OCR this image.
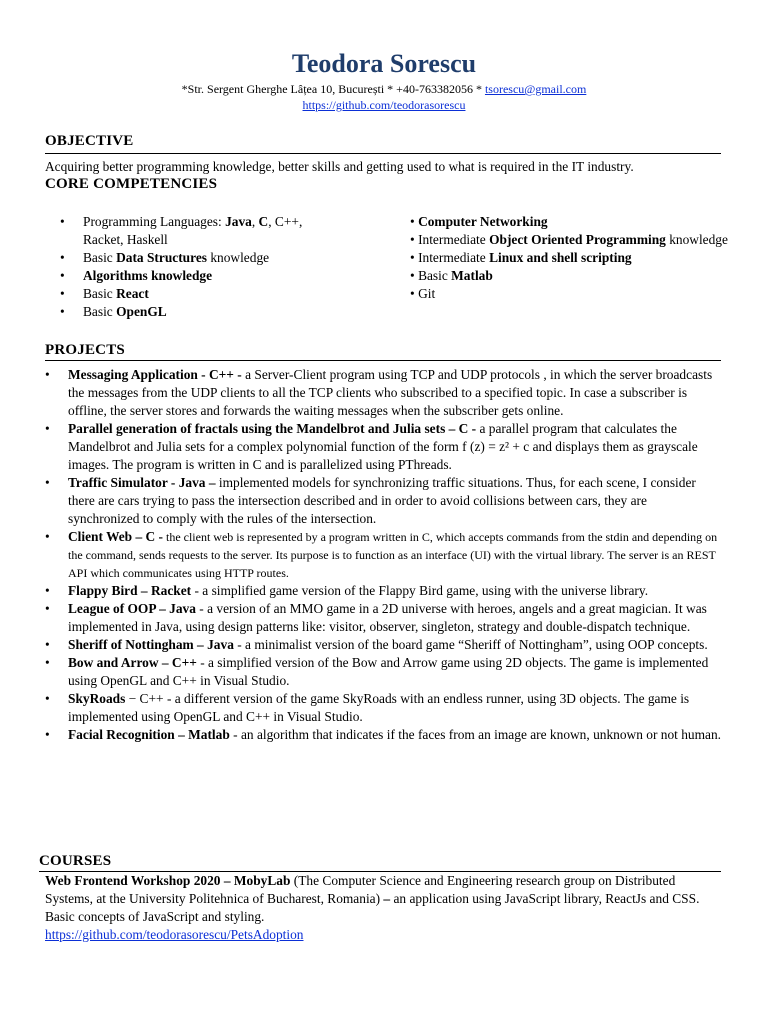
Teodora Sorescu
*Str. Sergent Gherghe Lâțea 10, București * +40-763382056 * tsorescu@gmail.com
https://github.com/teodorasorescu
OBJECTIVE
Acquiring better programming knowledge, better skills and getting used to what is required in the IT industry.
CORE COMPETENCIES
• Programming Languages: Java, C, C++, Racket, Haskell
• Basic Data Structures knowledge
• Algorithms knowledge
• Basic React
• Basic OpenGL
• Computer Networking
• Intermediate Object Oriented Programming knowledge
• Intermediate Linux and shell scripting
• Basic Matlab
• Git
PROJECTS
• Messaging Application - C++ - a Server-Client program using TCP and UDP protocols , in which the server broadcasts the messages from the UDP clients to all the TCP clients who subscribed to a specified topic. In case a subscriber is offline, the server stores and forwards the waiting messages when the subscriber gets online.
• Parallel generation of fractals using the Mandelbrot and Julia sets – C - a parallel program that calculates the Mandelbrot and Julia sets for a complex polynomial function of the form f (z) = z² + c and displays them as grayscale images. The program is written in C and is parallelized using PThreads.
• Traffic Simulator - Java – implemented models for synchronizing traffic situations. Thus, for each scene, I consider there are cars trying to pass the intersection described and in order to avoid collisions between cars, they are synchronized to comply with the rules of the intersection.
• Client Web – C - the client web is represented by a program written in C, which accepts commands from the stdin and depending on the command, sends requests to the server. Its purpose is to function as an interface (UI) with the virtual library. The server is an REST API which communicates using HTTP routes.
• Flappy Bird – Racket - a simplified game version of the Flappy Bird game, using with the universe library.
• League of OOP – Java - a version of an MMO game in a 2D universe with heroes, angels and a great magician. It was implemented in Java, using design patterns like: visitor, observer, singleton, strategy and double-dispatch technique.
• Sheriff of Nottingham – Java - a minimalist version of the board game “Sheriff of Nottingham”, using OOP concepts.
• Bow and Arrow – C++ - a simplified version of the Bow and Arrow game using 2D objects. The game is implemented using OpenGL and C++ in Visual Studio.
• SkyRoads − C++ - a different version of the game SkyRoads with an endless runner, using 3D objects. The game is implemented using OpenGL and C++ in Visual Studio.
• Facial Recognition – Matlab - an algorithm that indicates if the faces from an image are known, unknown or not human.
COURSES
Web Frontend Workshop 2020 – MobyLab (The Computer Science and Engineering research group on Distributed Systems, at the University Politehnica of Bucharest, Romania) – an application using JavaScript library, ReactJs and CSS. Basic concepts of JavaScript and styling.
https://github.com/teodorasorescu/PetsAdoption
